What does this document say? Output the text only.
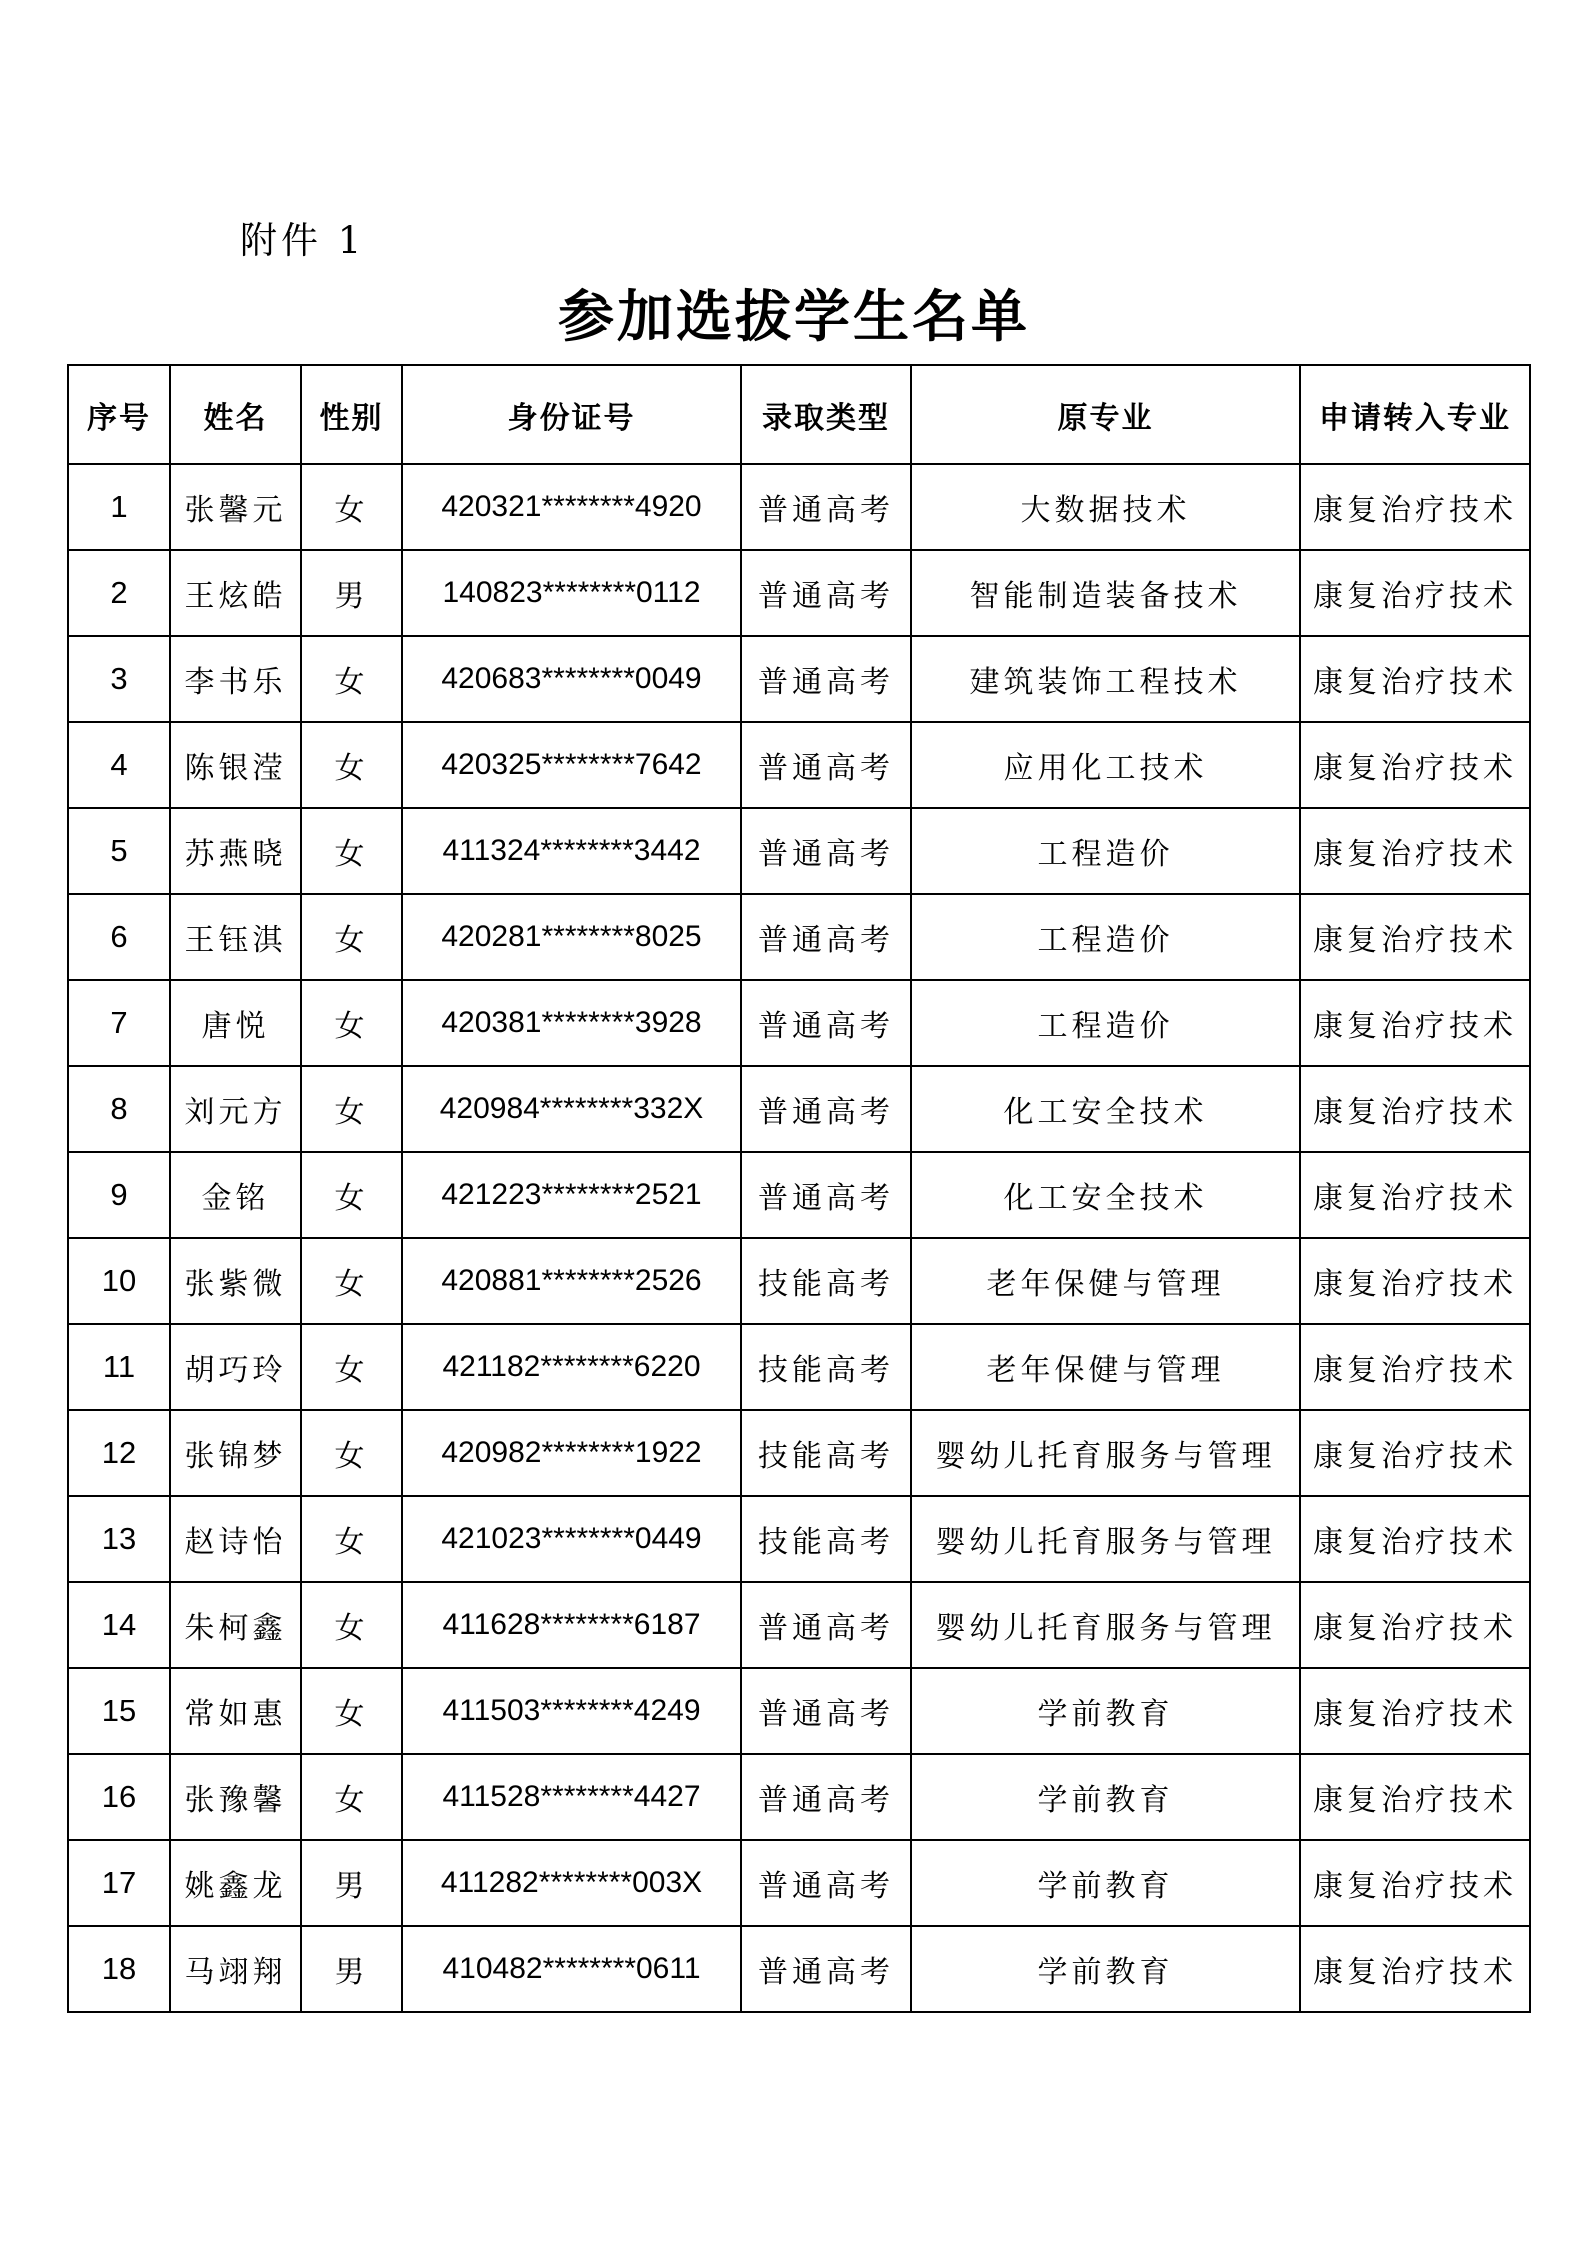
附件 1
参加选拔学生名单
序号	姓名	性别	身份证号	录取类型	原专业	申请转入专业
1	张馨元	女	420321********4920	普通高考	大数据技术	康复治疗技术
2	王炫皓	男	140823********0112	普通高考	智能制造装备技术	康复治疗技术
3	李书乐	女	420683********0049	普通高考	建筑装饰工程技术	康复治疗技术
4	陈银滢	女	420325********7642	普通高考	应用化工技术	康复治疗技术
5	苏燕晓	女	411324********3442	普通高考	工程造价	康复治疗技术
6	王钰淇	女	420281********8025	普通高考	工程造价	康复治疗技术
7	唐悦	女	420381********3928	普通高考	工程造价	康复治疗技术
8	刘元方	女	420984********332X	普通高考	化工安全技术	康复治疗技术
9	金铭	女	421223********2521	普通高考	化工安全技术	康复治疗技术
10	张紫微	女	420881********2526	技能高考	老年保健与管理	康复治疗技术
11	胡巧玲	女	421182********6220	技能高考	老年保健与管理	康复治疗技术
12	张锦梦	女	420982********1922	技能高考	婴幼儿托育服务与管理	康复治疗技术
13	赵诗怡	女	421023********0449	技能高考	婴幼儿托育服务与管理	康复治疗技术
14	朱柯鑫	女	411628********6187	普通高考	婴幼儿托育服务与管理	康复治疗技术
15	常如惠	女	411503********4249	普通高考	学前教育	康复治疗技术
16	张豫馨	女	411528********4427	普通高考	学前教育	康复治疗技术
17	姚鑫龙	男	411282********003X	普通高考	学前教育	康复治疗技术
18	马翊翔	男	410482********0611	普通高考	学前教育	康复治疗技术
